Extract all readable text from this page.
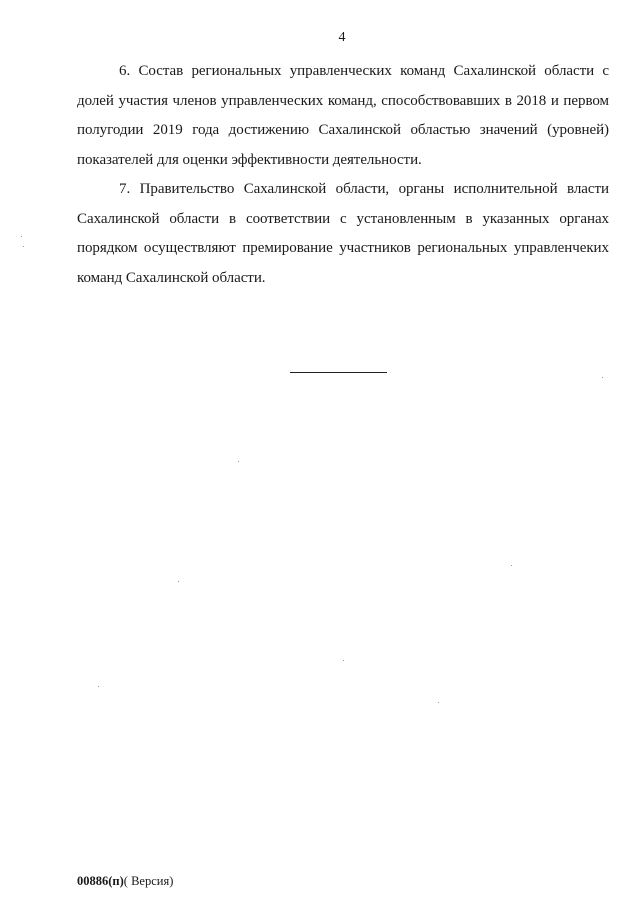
4

6. Состав региональных управленческих команд Сахалинской области с долей участия членов управленческих команд, способствовавших в 2018 и первом полугодии 2019 года достижению Сахалинской областью значений (уровней) показателей для оценки эффективности деятельности.

7. Правительство Сахалинской области, органы исполнительной власти Сахалинской области в соответствии с установленным в указанных органах порядком осуществляют премирование участников региональных управленчеких команд Сахалинской области.

00886(п)( Версия)
